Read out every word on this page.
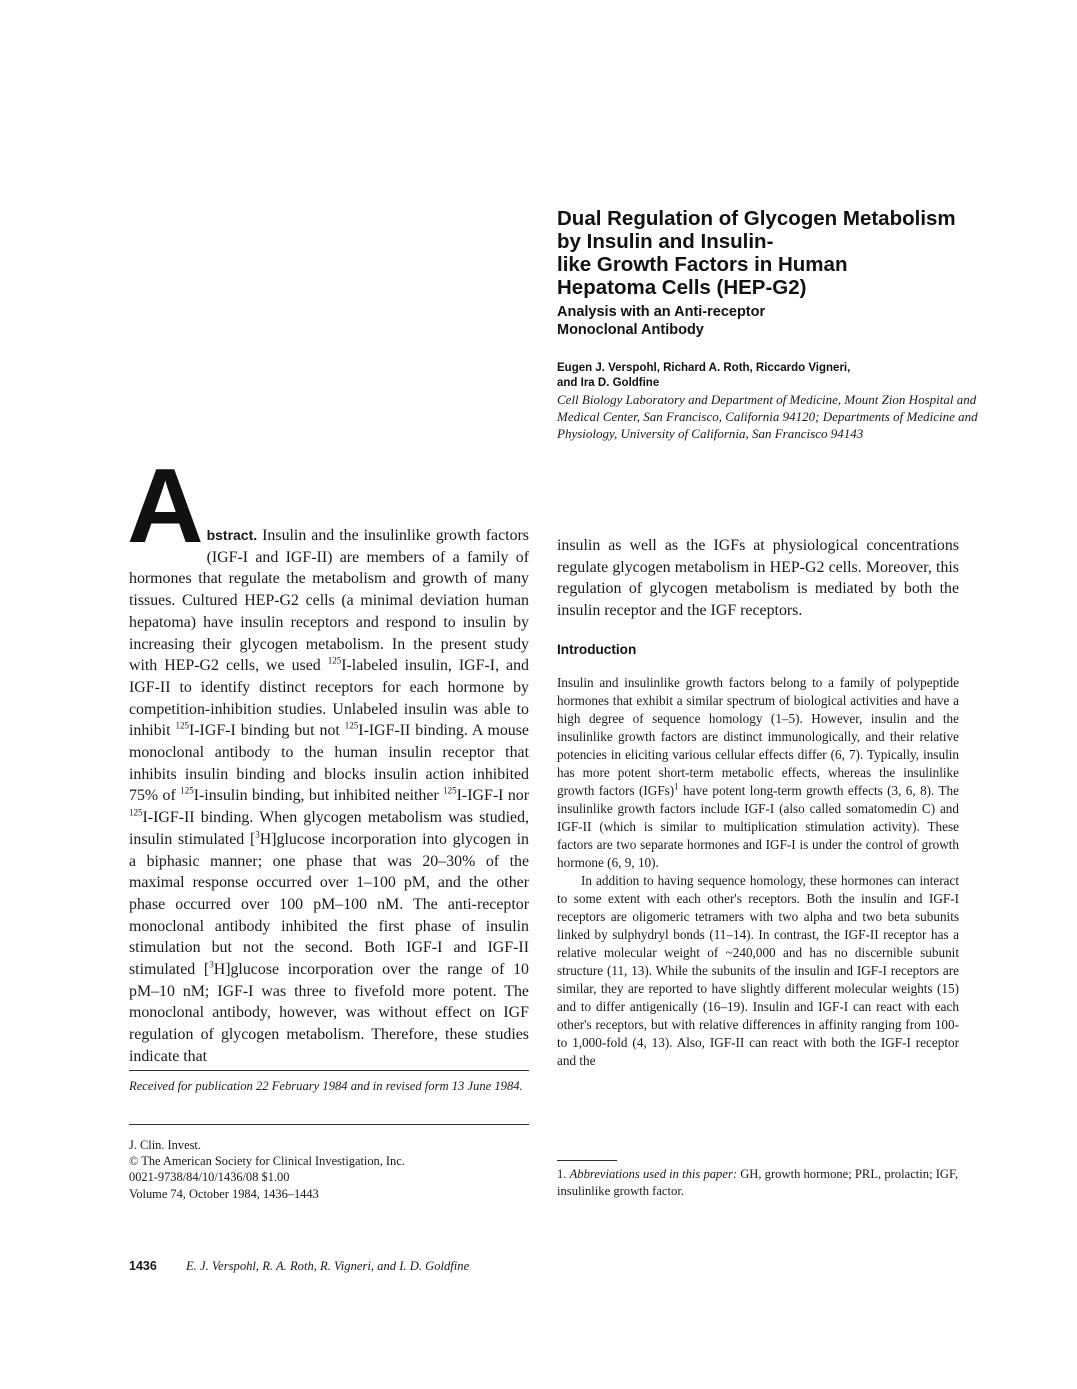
Dual Regulation of Glycogen Metabolism
by Insulin and Insulin-
like Growth Factors in Human
Hepatoma Cells (HEP-G2)
Analysis with an Anti-receptor
Monoclonal Antibody

Eugen J. Verspohl, Richard A. Roth, Riccardo Vigneri,
and Ira D. Goldfine

Cell Biology Laboratory and Department of Medicine, Mount Zion Hospital and Medical Center, San Francisco, California 94120; Departments of Medicine and Physiology, University of California, San Francisco 94143

A bstract. Insulin and the insulinlike growth factors (IGF-I and IGF-II) are members of a family of hormones that regulate the metabolism and growth of many tissues. Cultured HEP-G2 cells (a minimal deviation human hepatoma) have insulin receptors and respond to insulin by increasing their glycogen metabolism. In the present study with HEP-G2 cells, we used $^{125}$I-labeled insulin, IGF-I, and IGF-II to identify distinct receptors for each hormone by competition-inhibition studies. Unlabeled insulin was able to inhibit $^{125}$I-IGF-I binding but not $^{125}$I-IGF-II binding. A mouse monoclonal antibody to the human insulin receptor that inhibits insulin binding and blocks insulin action inhibited 75% of $^{125}$I-insulin binding, but inhibited neither $^{125}$I-IGF-I nor $^{125}$I-IGF-II binding. When glycogen metabolism was studied, insulin stimulated [$^3$H]glucose incorporation into glycogen in a biphasic manner; one phase that was 20–30% of the maximal response occurred over 1–100 pM, and the other phase occurred over 100 pM–100 nM. The anti-receptor monoclonal antibody inhibited the first phase of insulin stimulation but not the second. Both IGF-I and IGF-II stimulated [$^3$H]glucose incorporation over the range of 10 pM–10 nM; IGF-I was three to fivefold more potent. The monoclonal antibody, however, was without effect on IGF regulation of glycogen metabolism. Therefore, these studies indicate that

Received for publication 22 February 1984 and in revised form 13 June 1984.

J. Clin. Invest.
© The American Society for Clinical Investigation, Inc.
0021-9738/84/10/1436/08 $1.00
Volume 74, October 1984, 1436–1443

insulin as well as the IGFs at physiological concentrations regulate glycogen metabolism in HEP-G2 cells. Moreover, this regulation of glycogen metabolism is mediated by both the insulin receptor and the IGF receptors.

Introduction

Insulin and insulinlike growth factors belong to a family of polypeptide hormones that exhibit a similar spectrum of biological activities and have a high degree of sequence homology (1–5). However, insulin and the insulinlike growth factors are distinct immunologically, and their relative potencies in eliciting various cellular effects differ (6, 7). Typically, insulin has more potent short-term metabolic effects, whereas the insulinlike growth factors (IGFs)$^1$ have potent long-term growth effects (3, 6, 8). The insulinlike growth factors include IGF-I (also called somatomedin C) and IGF-II (which is similar to multiplication stimulation activity). These factors are two separate hormones and IGF-I is under the control of growth hormone (6, 9, 10).

In addition to having sequence homology, these hormones can interact to some extent with each other's receptors. Both the insulin and IGF-I receptors are oligomeric tetramers with two alpha and two beta subunits linked by sulphydryl bonds (11–14). In contrast, the IGF-II receptor has a relative molecular weight of ~240,000 and has no discernible subunit structure (11, 13). While the subunits of the insulin and IGF-I receptors are similar, they are reported to have slightly different molecular weights (15) and to differ antigenically (16–19). Insulin and IGF-I can react with each other's receptors, but with relative differences in affinity ranging from 100- to 1,000-fold (4, 13). Also, IGF-II can react with both the IGF-I receptor and the

1. Abbreviations used in this paper: GH, growth hormone; PRL, prolactin; IGF, insulinlike growth factor.

1436 E. J. Verspohl, R. A. Roth, R. Vigneri, and I. D. Goldfine
